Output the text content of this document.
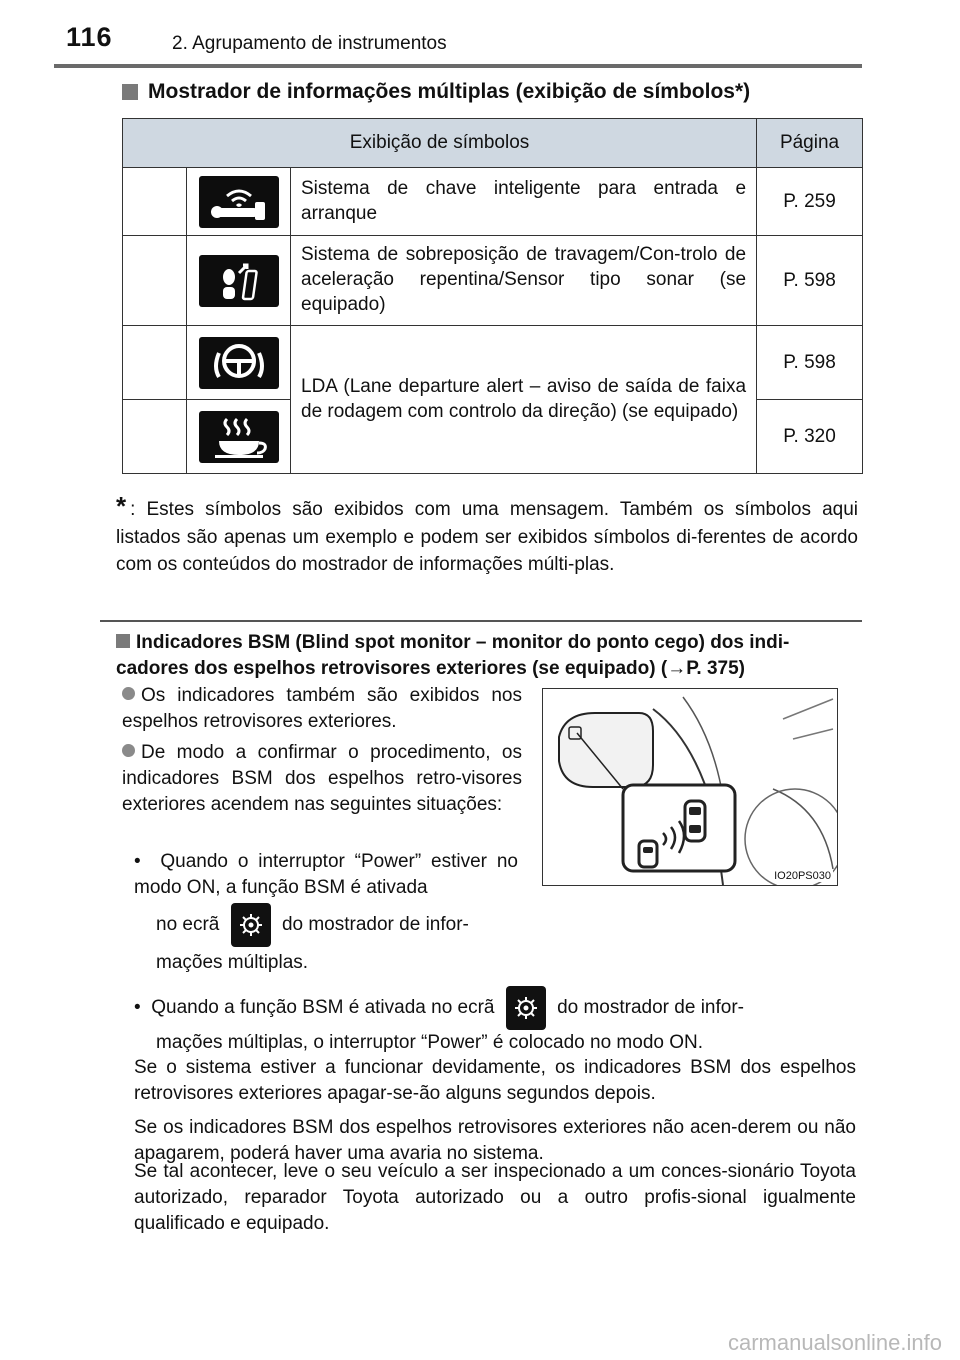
116	2. Agrupamento de instrumentos
Mostrador de informações múltiplas (exibição de símbolos*)
Exibição de símbolos			Página

	Sistema de chave inteligente para entrada e arranque	P. 259

	Sistema de sobreposição de travagem/Con-trolo de aceleração repentina/Sensor tipo sonar (se equipado)	P. 598

	LDA (Lane departure alert – aviso de saída de faixa de rodagem com controlo da direção) (se equipado)	P. 598

	P. 320
* : Estes símbolos são exibidos com uma mensagem. Também os símbolos aqui listados são apenas um exemplo e podem ser exibidos símbolos di-ferentes de acordo com os conteúdos do mostrador de informações múlti-plas.
Indicadores BSM (Blind spot monitor – monitor do ponto cego) dos indi-cadores dos espelhos retrovisores exteriores (se equipado) (→P. 375)
Os indicadores também são exibidos nos espelhos retrovisores exteriores.
De modo a confirmar o procedimento, os indicadores BSM dos espelhos retro-visores exteriores acendem nas seguintes situações:
•  Quando o interruptor “Power” estiver no modo ON, a função BSM é ativada
no ecrã	do mostrador de infor-
mações múltiplas.
•  Quando a função BSM é ativada no ecrã	do mostrador de infor-
mações múltiplas, o interruptor “Power” é colocado no modo ON.
Se o sistema estiver a funcionar devidamente, os indicadores BSM dos espelhos retrovisores exteriores apagar-se-ão alguns segundos depois.
Se os indicadores BSM dos espelhos retrovisores exteriores não acen-derem ou não apagarem, poderá haver uma avaria no sistema.
Se tal acontecer, leve o seu veículo a ser inspecionado a um conces-sionário Toyota autorizado, reparador Toyota autorizado ou a outro profis-sional igualmente qualificado e equipado.
IO20PS030
carmanualsonline.info
